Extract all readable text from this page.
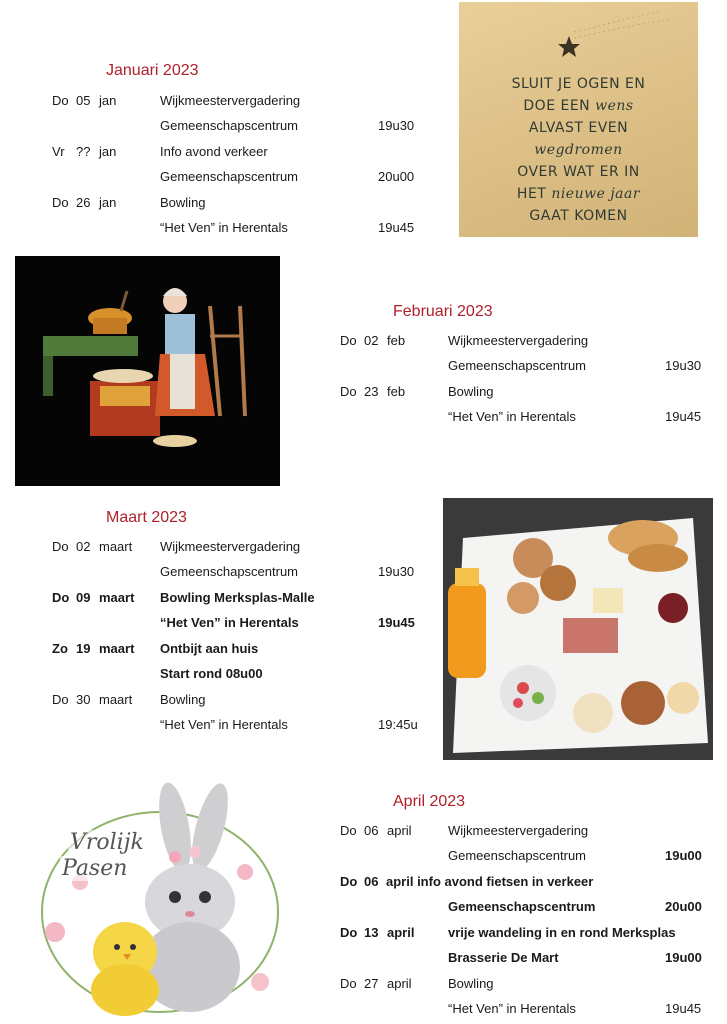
SLUIT JE OGEN EN
DOE EEN wens
ALVAST EVEN
wegdromen
OVER WAT ER IN
HET nieuwe jaar
GAAT KOMEN
Vrolijk
Pasen
Januari 2023
Do 05 jan	Wijkmeestervergadering
Gemeenschapscentrum	19u30
Vr ?? jan	Info avond verkeer
Gemeenschapscentrum	20u00
Do 26 jan	Bowling
“Het Ven” in Herentals	19u45
Februari 2023
Do 02 feb	Wijkmeestervergadering
Gemeenschapscentrum	19u30
Do 23 feb	Bowling
“Het Ven” in Herentals	19u45
Maart 2023
Do 02 maart Wijkmeestervergadering
Gemeenschapscentrum	19u30
Do 09 maart Bowling Merksplas-Malle
“Het Ven” in Herentals	19u45
Zo 19 maart Ontbijt aan huis
Start rond 08u00
Do 30 maart Bowling
“Het Ven” in Herentals	19:45u
April 2023
Do 06 april	Wijkmeestervergadering
Gemeenschapscentrum	19u00
Do 06 april info avond fietsen in verkeer
Gemeenschapscentrum	20u00
Do 13 april	vrije wandeling in en rond Merksplas
Brasserie De Mart	19u00
Do 27 april	Bowling
“Het Ven” in Herentals	19u45
